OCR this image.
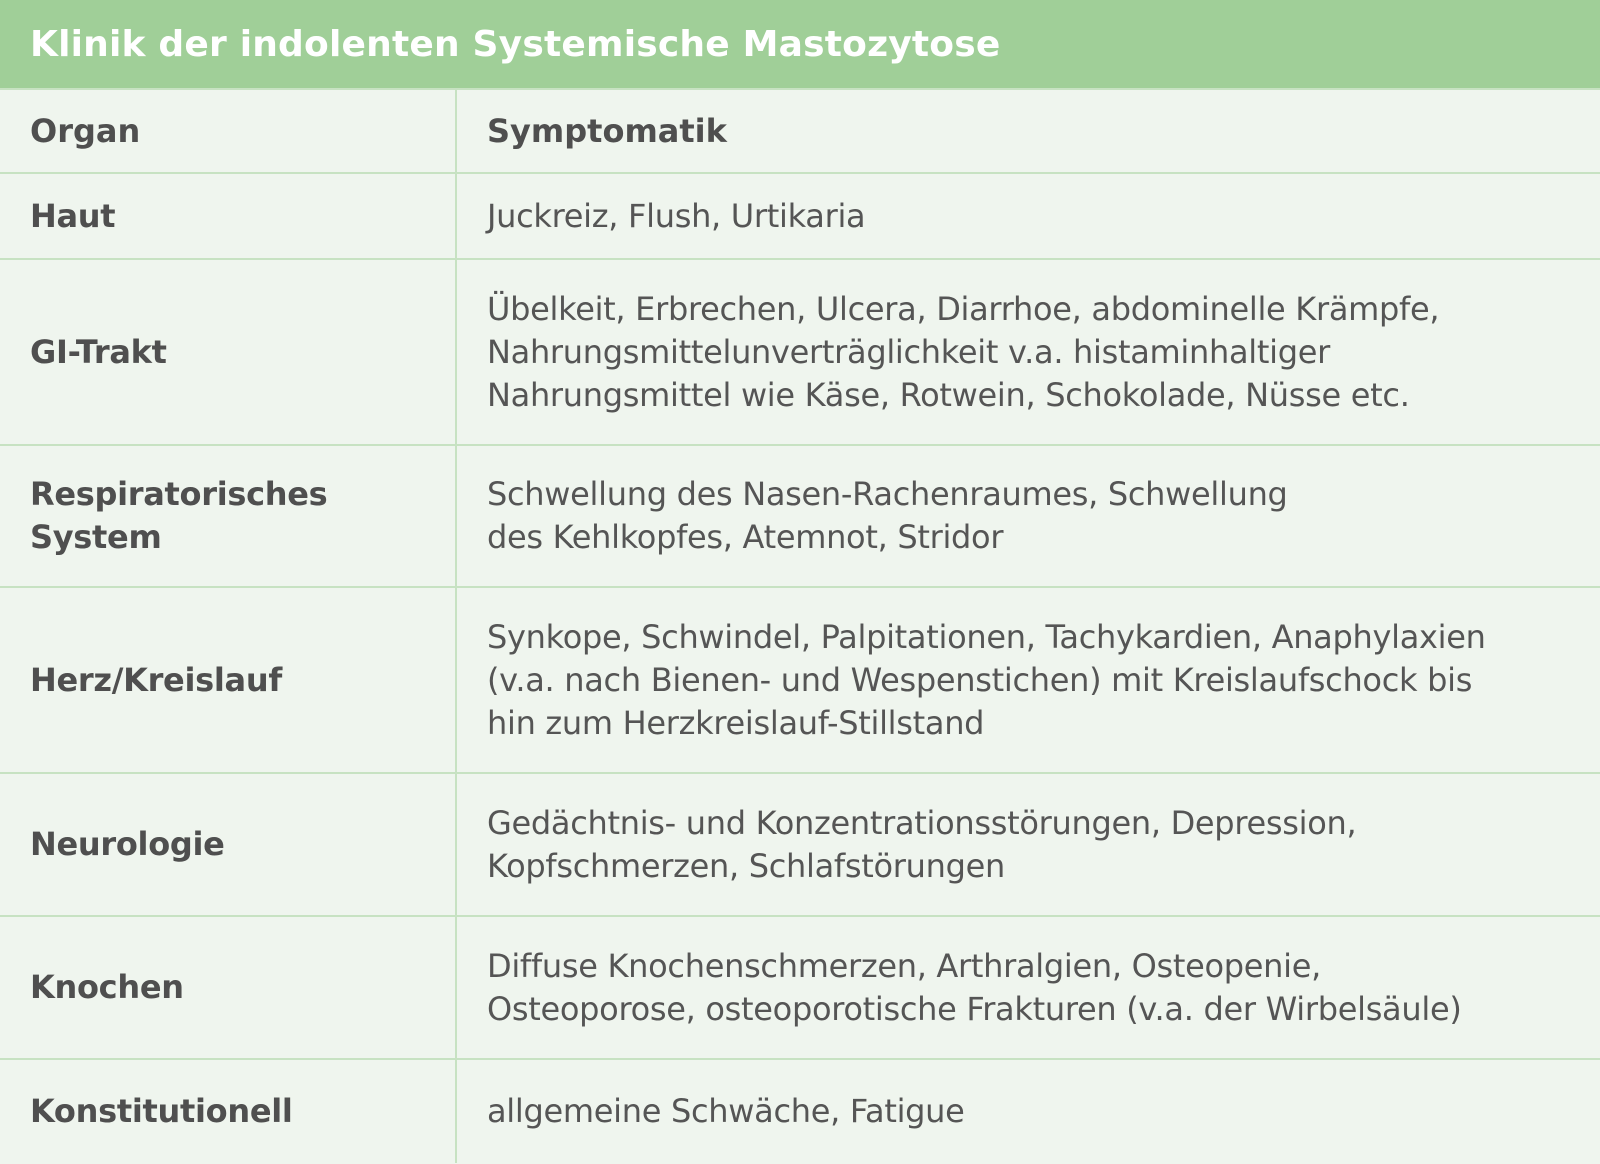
Klinik der indolenten Systemische Mastozytose
Organ	Symptomatik

Haut	Juckreiz, Flush, Urtikaria

GI-Trakt	Übelkeit, Erbrechen, Ulcera, Diarrhoe, abdominelle Krämpfe,
Nahrungsmittelunverträglichkeit v.a. histaminhaltiger
Nahrungsmittel wie Käse, Rotwein, Schokolade, Nüsse etc.

Respiratorisches
System	Schwellung des Nasen-Rachenraumes, Schwellung
des Kehlkopfes, Atemnot, Stridor

Herz/Kreislauf	Synkope, Schwindel, Palpitationen, Tachykardien, Anaphylaxien
(v.a. nach Bienen- und Wespenstichen) mit Kreislaufschock bis
hin zum Herzkreislauf-Stillstand

Neurologie	Gedächtnis- und Konzentrationsstörungen, Depression,
Kopfschmerzen, Schlafstörungen

Knochen	Diffuse Knochenschmerzen, Arthralgien, Osteopenie,
Osteoporose, osteoporotische Frakturen (v.a. der Wirbelsäule)

Konstitutionell	allgemeine Schwäche, Fatigue
